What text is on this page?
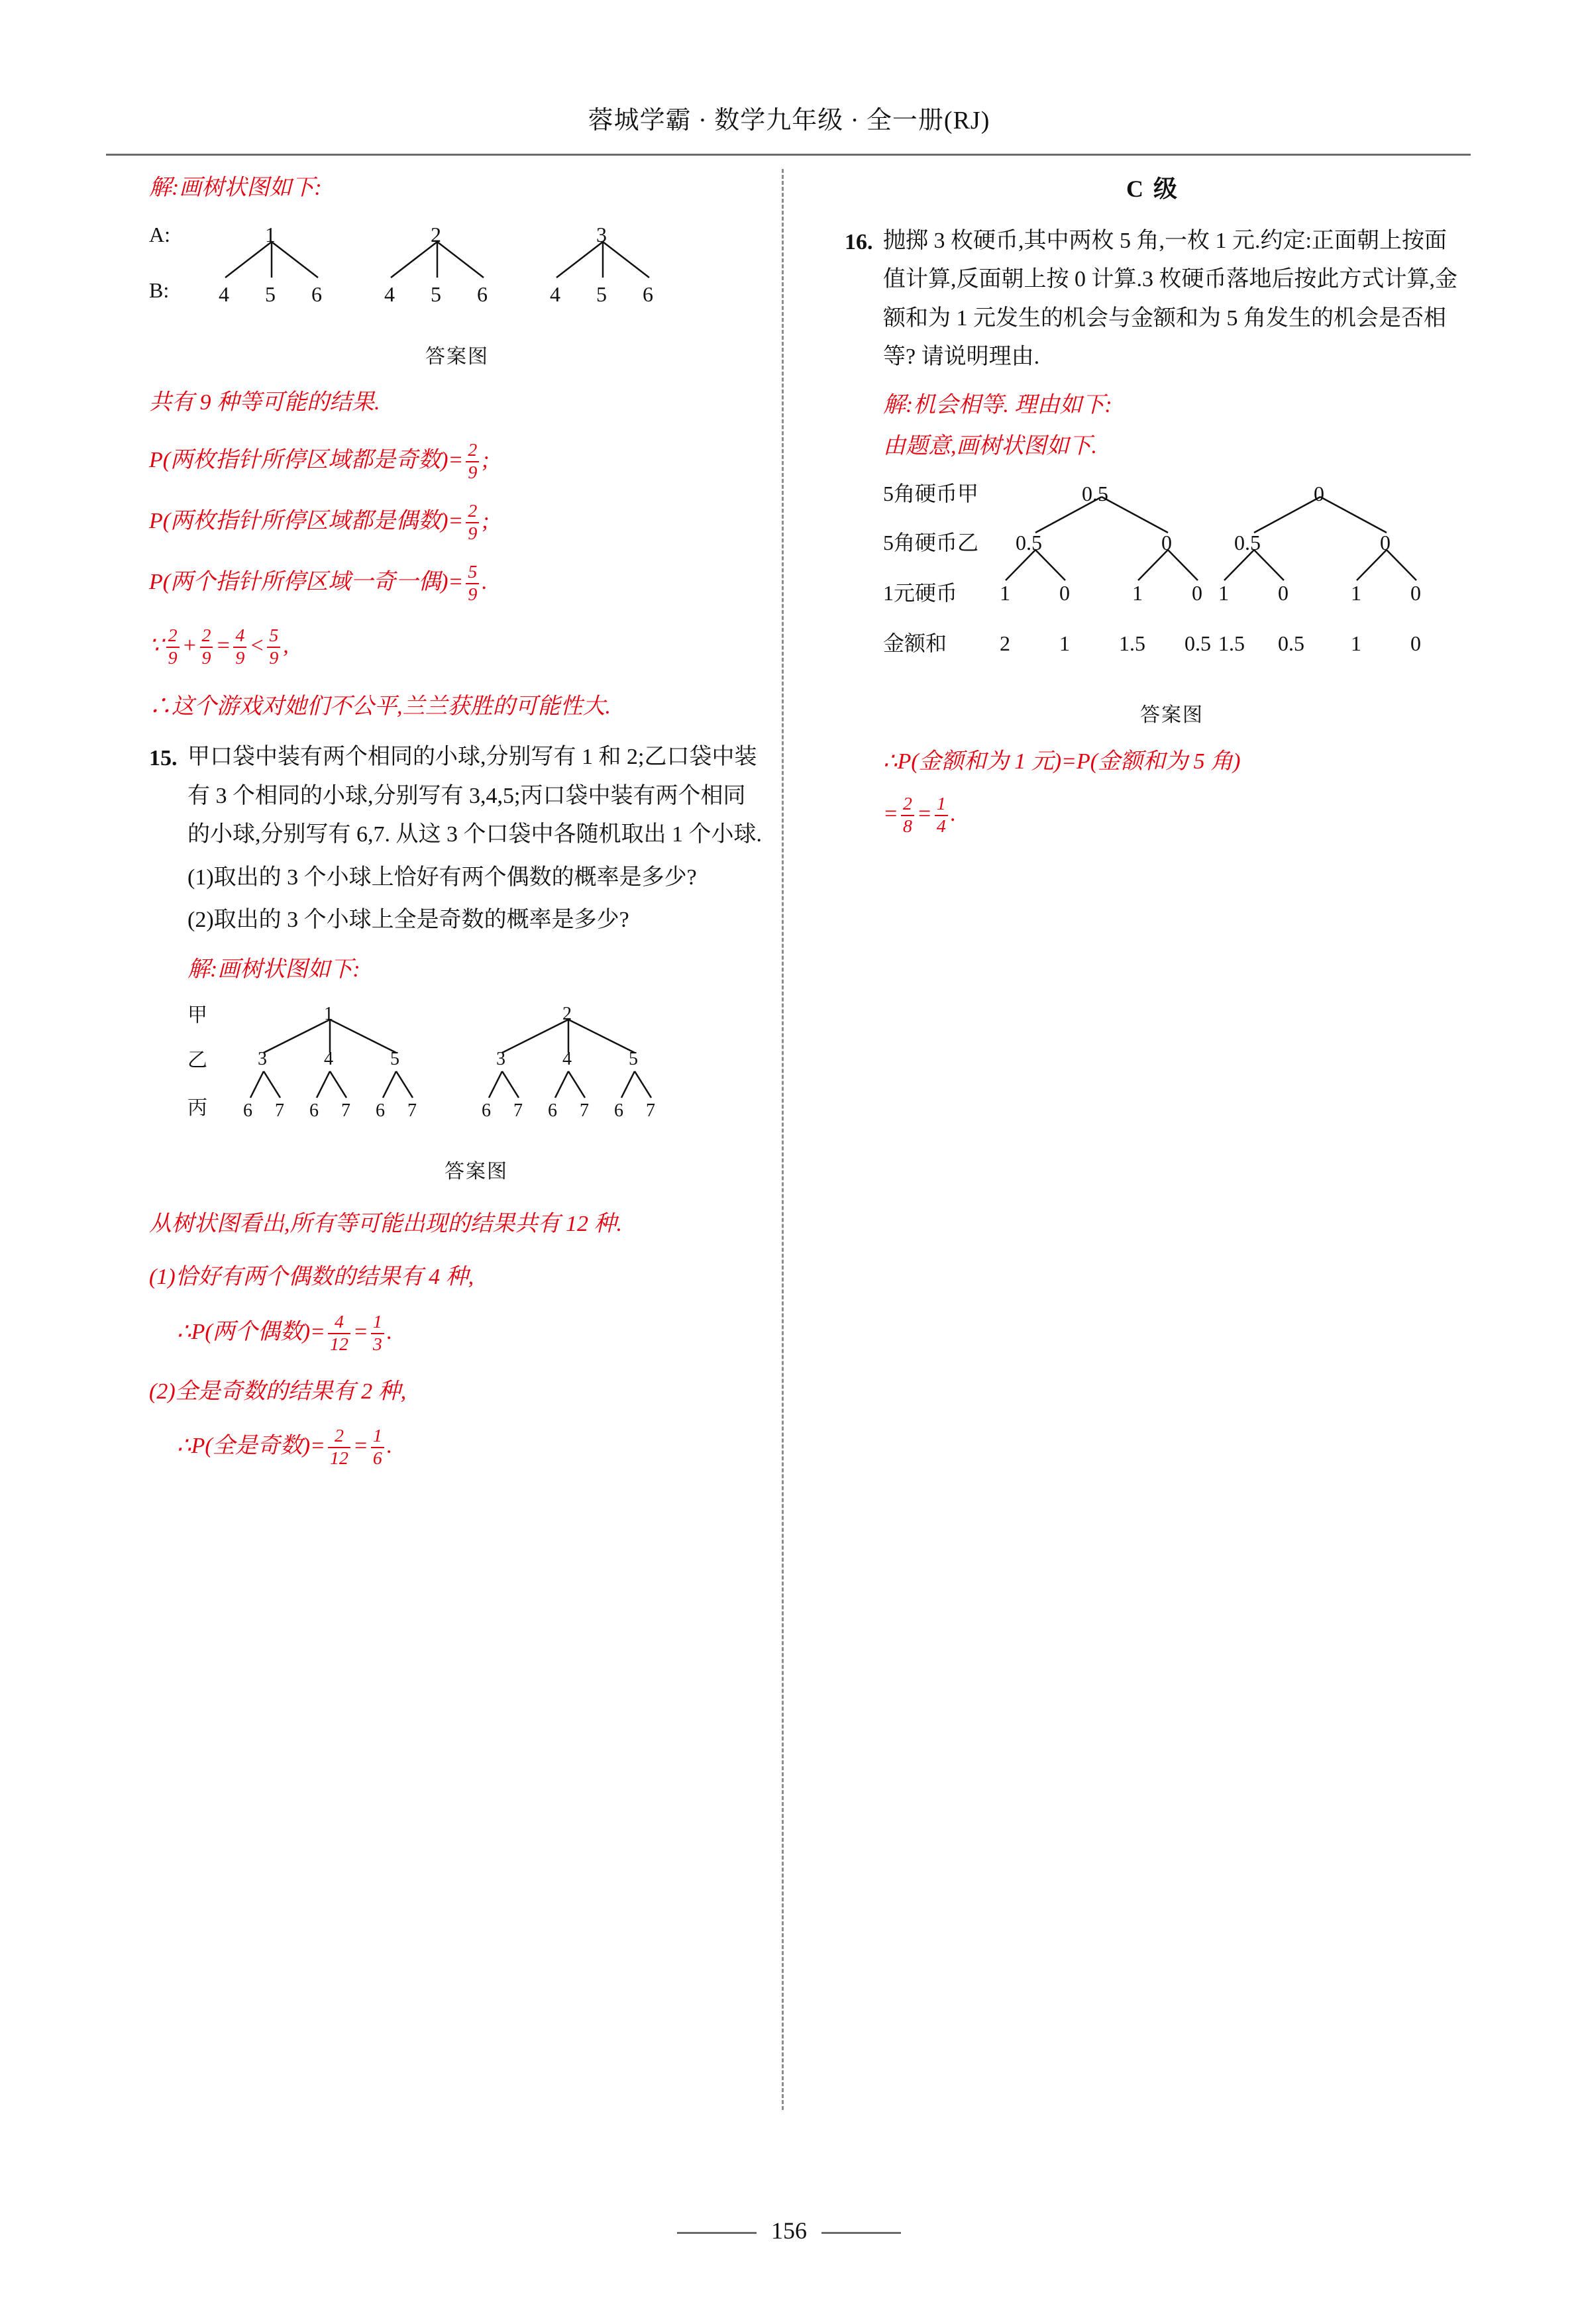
蓉城学霸 · 数学九年级 · 全一册(RJ)

解:画树状图如下:

A:
B:
1	2	3
4 5 6	4 5 6	4 5 6
答案图

共有 9 种等可能的结果.

P(两枚指针所停区域都是奇数)= $\frac{2}{9}$ ;

P(两枚指针所停区域都是偶数)= $\frac{2}{9}$ ;

P(两个指针所停区域一奇一偶)= $\frac{5}{9}$ .

∵ $\frac{2}{9} + \frac{2}{9} = \frac{4}{9} < \frac{5}{9}$ ,

∴这个游戏对她们不公平,兰兰获胜的可能性大.

15. 甲口袋中装有两个相同的小球,分别写有 1 和 2;乙口袋中装有 3 个相同的小球,分别写有 3,4,5;丙口袋中装有两个相同的小球,分别写有 6,7. 从这 3 个口袋中各随机取出 1 个小球.

(1)取出的 3 个小球上恰好有两个偶数的概率是多少?

(2)取出的 3 个小球上全是奇数的概率是多少?

解:画树状图如下:

甲
乙
丙
1	2
3	4	5	3	4	5
6 7 6 7 6 7	6 7 6 7 6 7
答案图

从树状图看出,所有等可能出现的结果共有 12 种.

(1)恰好有两个偶数的结果有 4 种,

∴P(两个偶数)= $\frac{4}{12} = \frac{1}{3}$ .

(2)全是奇数的结果有 2 种,

∴P(全是奇数)= $\frac{2}{12} = \frac{1}{6}$ .

C 级
16. 抛掷 3 枚硬币,其中两枚 5 角,一枚 1 元.约定:正面朝上按面值计算,反面朝上按 0 计算.3 枚硬币落地后按此方式计算,金额和为 1 元发生的机会与金额和为 5 角发生的机会是否相等? 请说明理由.

解:机会相等. 理由如下:

由题意,画树状图如下.

5角硬币甲
5角硬币乙
1元硬币
金额和
0.5	0
0.5	0	0.5	0
1 0	1 0 1 0	1 0
2 1 1.5 0.5 1.5 0.5 1 0
答案图

∴P(金额和为 1 元)=P(金额和为 5 角)

= $\frac{2}{8} = \frac{1}{4}$ .

156
